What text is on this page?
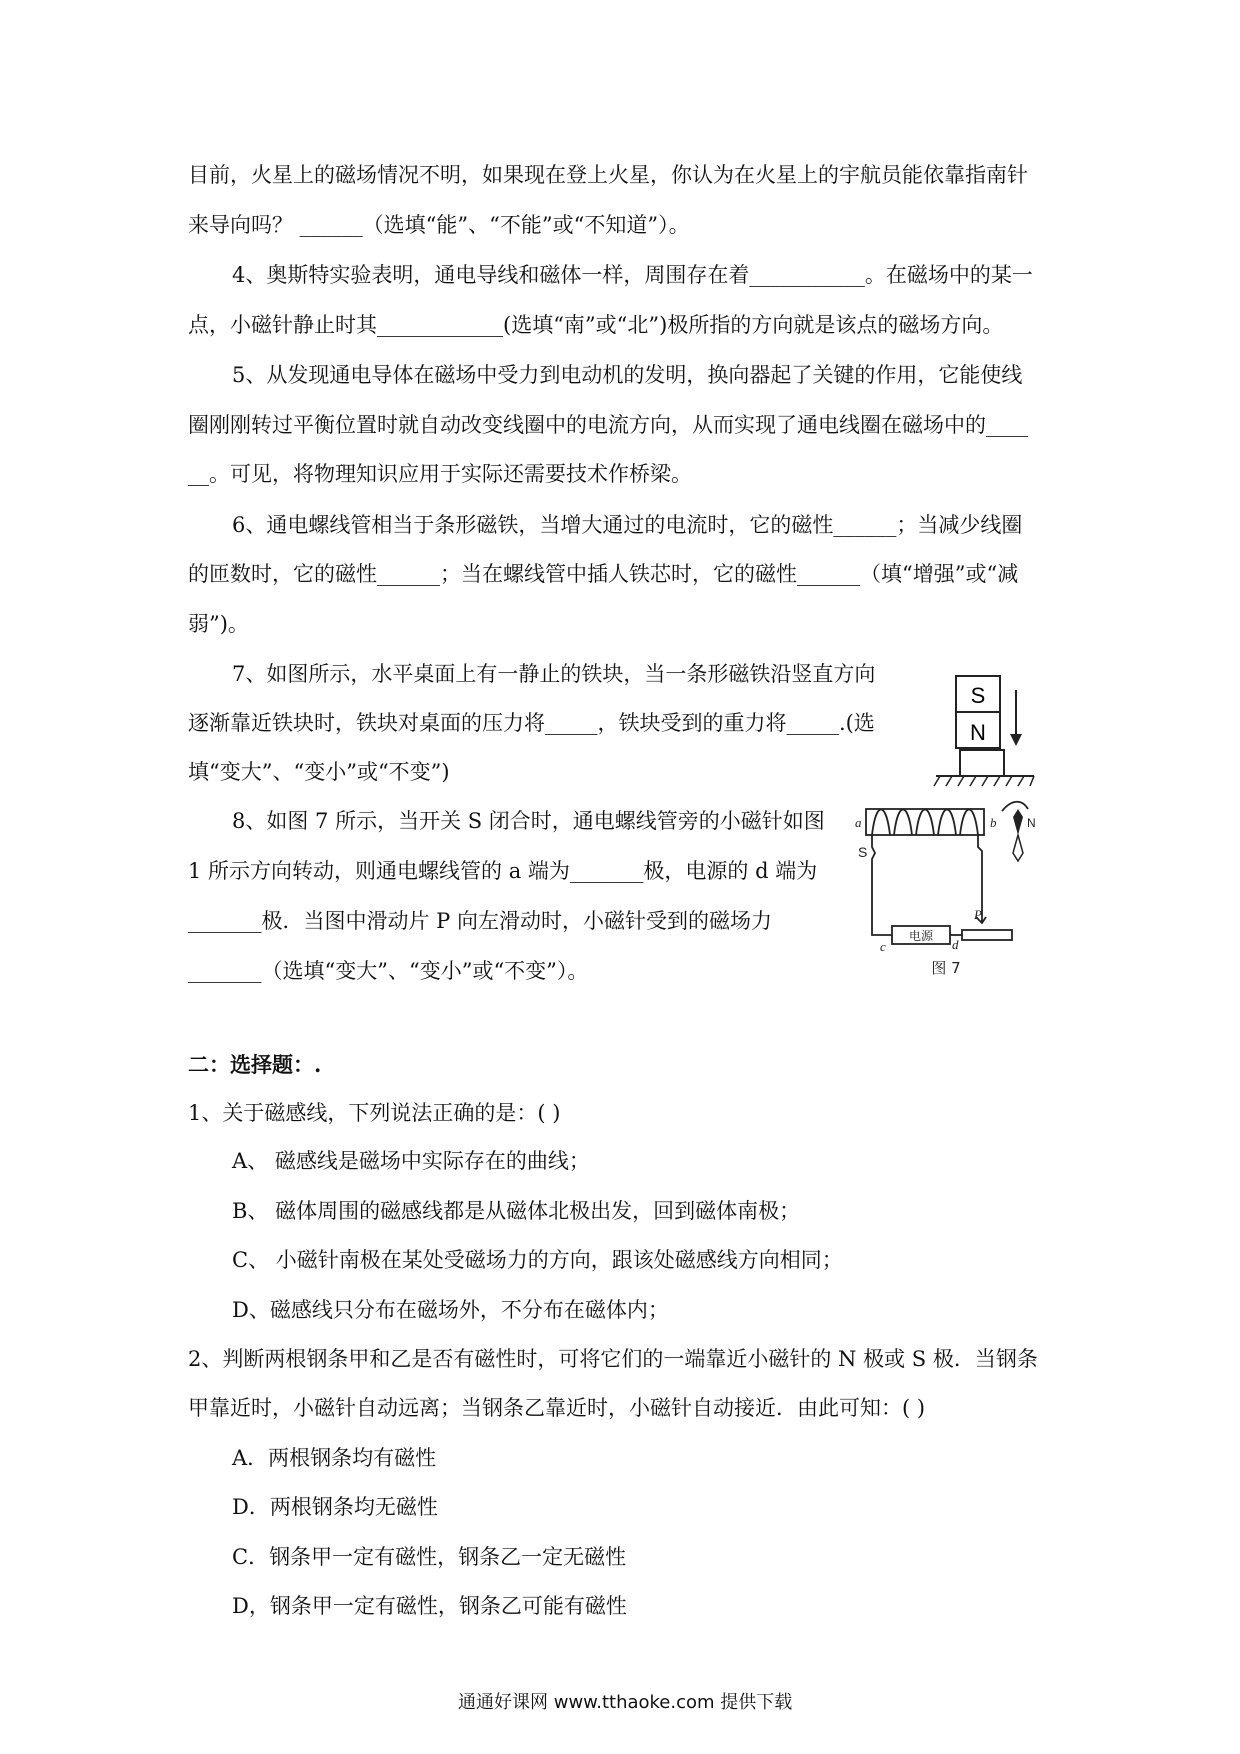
目前，火星上的磁场情况不明，如果现在登上火星，你认为在火星上的宇航员能依靠指南针
来导向吗？ ______（选填“能”、“不能”或“不知道”）。
4、奥斯特实验表明，通电导线和磁体一样，周围存在着___________。在磁场中的某一
点，小磁针静止时其____________(选填“南”或“北”)极所指的方向就是该点的磁场方向。
5、从发现通电导体在磁场中受力到电动机的发明，换向器起了关键的作用，它能使线
圈刚刚转过平衡位置时就自动改变线圈中的电流方向，从而实现了通电线圈在磁场中的____
__。可见，将物理知识应用于实际还需要技术作桥梁。
6、通电螺线管相当于条形磁铁，当增大通过的电流时，它的磁性______；当减少线圈
的匝数时，它的磁性______；当在螺线管中插人铁芯时，它的磁性______（填“增强”或“减
弱”)。
7、如图所示，水平桌面上有一静止的铁块，当一条形磁铁沿竖直方向
逐渐靠近铁块时，铁块对桌面的压力将_____，铁块受到的重力将_____.(选
填“变大”、“变小”或“不变”)
8、如图 7 所示，当开关 S 闭合时，通电螺线管旁的小磁针如图
1 所示方向转动，则通电螺线管的 a 端为_______极，电源的 d 端为
_______极．当图中滑动片 P 向左滑动时，小磁针受到的磁场力
_______（选填“变大”、“变小”或“不变”）。
二：选择题：.
1、关于磁感线，下列说法正确的是：( )
A、 磁感线是磁场中实际存在的曲线；
B、 磁体周围的磁感线都是从磁体北极出发，回到磁体南极；
C、 小磁针南极在某处受磁场力的方向，跟该处磁感线方向相同；
D、磁感线只分布在磁场外，不分布在磁体内；
2、判断两根钢条甲和乙是否有磁性时，可将它们的一端靠近小磁针的 N 极或 S 极．当钢条
甲靠近时，小磁针自动远离；当钢条乙靠近时，小磁针自动接近．由此可知：( )
A．两根钢条均有磁性
D．两根钢条均无磁性
C．钢条甲一定有磁性，钢条乙一定无磁性
D，钢条甲一定有磁性，钢条乙可能有磁性
S
N
a	b
c	d
P
S
N
电源
图 7
通通好课网 www.tthaoke.com 提供下载
